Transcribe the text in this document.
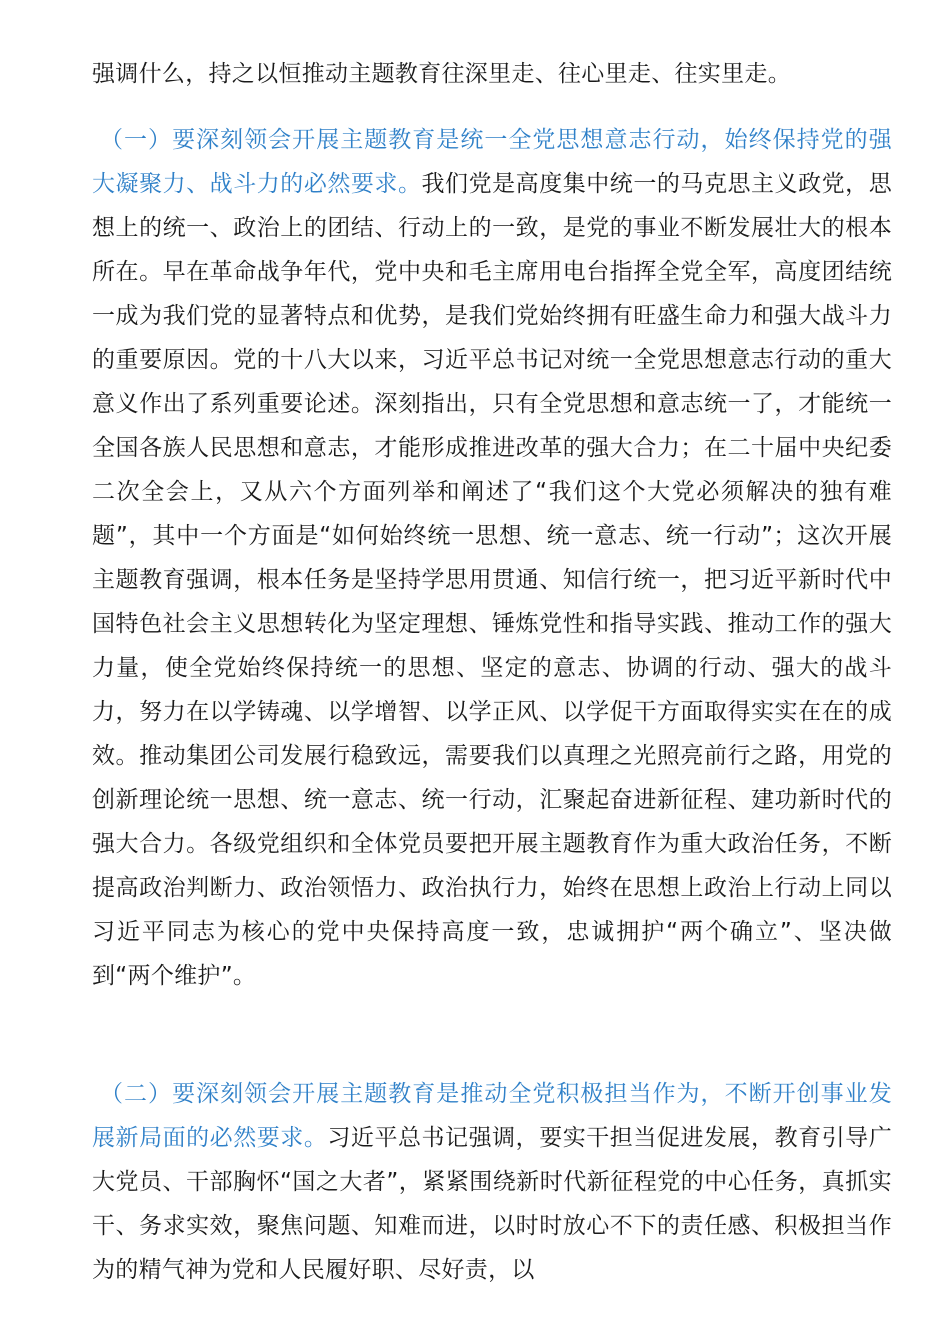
强调什么，持之以恒推动主题教育往深里走、往心里走、往实里走。

（一）要深刻领会开展主题教育是统一全党思想意志行动，始终保持党的强大凝聚力、战斗力的必然要求。我们党是高度集中统一的马克思主义政党，思想上的统一、政治上的团结、行动上的一致，是党的事业不断发展壮大的根本所在。早在革命战争年代，党中央和毛主席用电台指挥全党全军，高度团结统一成为我们党的显著特点和优势，是我们党始终拥有旺盛生命力和强大战斗力的重要原因。党的十八大以来，习近平总书记对统一全党思想意志行动的重大意义作出了系列重要论述。深刻指出，只有全党思想和意志统一了，才能统一全国各族人民思想和意志，才能形成推进改革的强大合力；在二十届中央纪委二次全会上，又从六个方面列举和阐述了“我们这个大党必须解决的独有难题”，其中一个方面是“如何始终统一思想、统一意志、统一行动”；这次开展主题教育强调，根本任务是坚持学思用贯通、知信行统一，把习近平新时代中国特色社会主义思想转化为坚定理想、锤炼党性和指导实践、推动工作的强大力量，使全党始终保持统一的思想、坚定的意志、协调的行动、强大的战斗力，努力在以学铸魂、以学增智、以学正风、以学促干方面取得实实在在的成效。推动集团公司发展行稳致远，需要我们以真理之光照亮前行之路，用党的创新理论统一思想、统一意志、统一行动，汇聚起奋进新征程、建功新时代的强大合力。各级党组织和全体党员要把开展主题教育作为重大政治任务，不断提高政治判断力、政治领悟力、政治执行力，始终在思想上政治上行动上同以习近平同志为核心的党中央保持高度一致，忠诚拥护“两个确立”、坚决做到“两个维护”。

（二）要深刻领会开展主题教育是推动全党积极担当作为，不断开创事业发展新局面的必然要求。习近平总书记强调，要实干担当促进发展，教育引导广大党员、干部胸怀“国之大者”，紧紧围绕新时代新征程党的中心任务，真抓实干、务求实效，聚焦问题、知难而进，以时时放心不下的责任感、积极担当作为的精气神为党和人民履好职、尽好责，以
